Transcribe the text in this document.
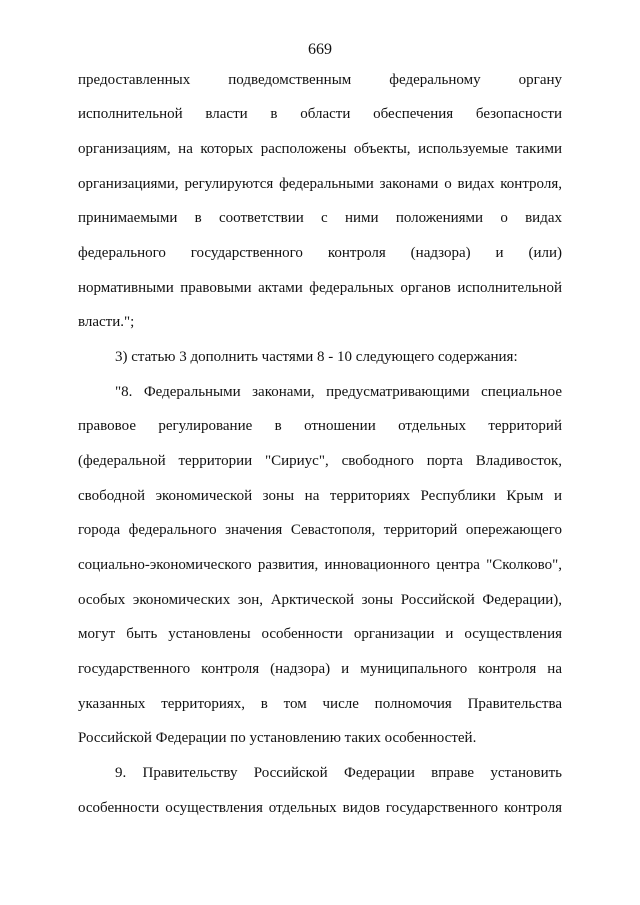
669
предоставленных подведомственным федеральному органу
исполнительной власти в области обеспечения безопасности
организациям, на которых расположены объекты, используемые такими
организациями, регулируются федеральными законами о видах контроля,
принимаемыми в соответствии с ними положениями о видах
федерального государственного контроля (надзора) и (или)
нормативными правовыми актами федеральных органов исполнительной
власти.";
3) статью 3 дополнить частями 8 - 10 следующего содержания:
"8. Федеральными законами, предусматривающими специальное
правовое регулирование в отношении отдельных территорий
(федеральной территории "Сириус", свободного порта Владивосток,
свободной экономической зоны на территориях Республики Крым и
города федерального значения Севастополя, территорий опережающего
социально-экономического развития, инновационного центра "Сколково",
особых экономических зон, Арктической зоны Российской Федерации),
могут быть установлены особенности организации и осуществления
государственного контроля (надзора) и муниципального контроля на
указанных территориях, в том числе полномочия Правительства
Российской Федерации по установлению таких особенностей.
9. Правительству Российской Федерации вправе установить
особенности осуществления отдельных видов государственного контроля
